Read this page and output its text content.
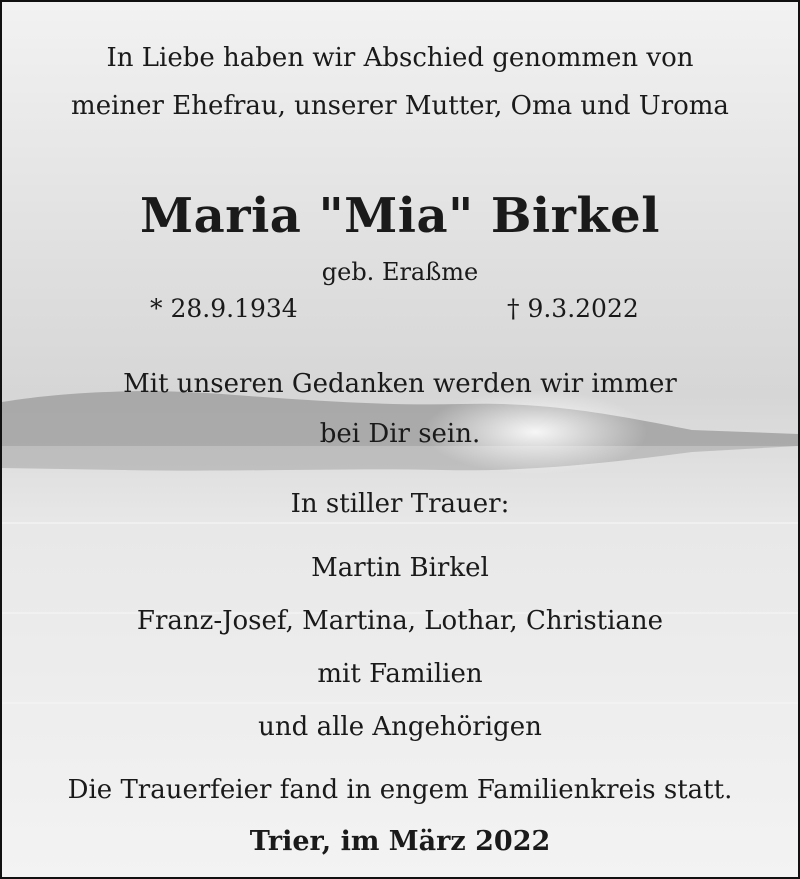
In Liebe haben wir Abschied genommen von
meiner Ehefrau, unserer Mutter, Oma und Uroma
Maria "Mia" Birkel
geb. Eraßme
* 28.9.1934	† 9.3.2022
Mit unseren Gedanken werden wir immer
bei Dir sein.
In stiller Trauer:
Martin Birkel
Franz-Josef, Martina, Lothar, Christiane
mit Familien
und alle Angehörigen
Die Trauerfeier fand in engem Familienkreis statt.
Trier, im März 2022
